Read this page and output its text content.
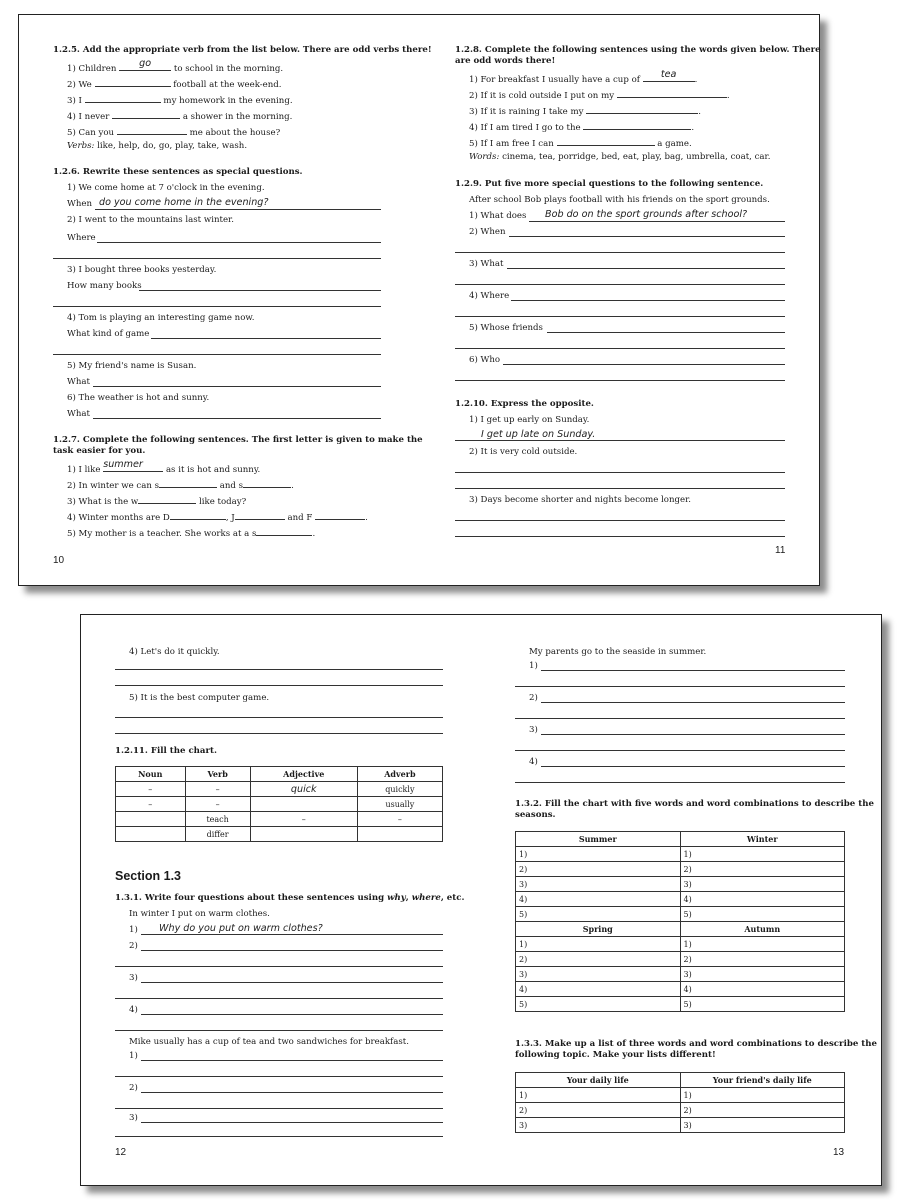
1.2.5. Add the appropriate verb from the list below. There are odd verbs there!
1) Children	go	to school in the morning.
2) We	football at the week-end.
3) I	my homework in the evening.
4) I never	a shower in the morning.
5) Can you	me about the house?
Verbs: like, help, do, go, play, take, wash.
1.2.6. Rewrite these sentences as special questions.
1) We come home at 7 o'clock in the evening.
When do you come home in the evening?
2) I went to the mountains last winter.
Where
3) I bought three books yesterday.
How many books
4) Tom is playing an interesting game now.
What kind of game
5) My friend's name is Susan.
What
6) The weather is hot and sunny.
What
1.2.7. Complete the following sentences. The first letter is given to make the
task easier for you.
1) I like summer	as it is hot and sunny.
2) In winter we can s	and s	.
3) What is the w	like today?
4) Winter months are D	, J	and F	.
5) My mother is a teacher. She works at a s	.
10
1.2.8. Complete the following sentences using the words given below. There
are odd words there!
1) For breakfast I usually have a cup of	tea	.
2) If it is cold outside I put on my	.
3) If it is raining I take my	.
4) If I am tired I go to the	.
5) If I am free I can	a game.
Words: cinema, tea, porridge, bed, eat, play, bag, umbrella, coat, car.
1.2.9. Put five more special questions to the following sentence.
After school Bob plays football with his friends on the sport grounds.
1) What does Bob do on the sport grounds after school?
2) When
3) What
4) Where
5) Whose friends
6) Who
1.2.10. Express the opposite.
1) I get up early on Sunday.
I get up late on Sunday.
2) It is very cold outside.
3) Days become shorter and nights become longer.
11
4) Let's do it quickly.
5) It is the best computer game.
1.2.11. Fill the chart.
Noun	Verb	Adjective	Adverb
–	–	quick	quickly
–	–		usually
	teach	–	–
	differ		
Section 1.3
1.3.1. Write four questions about these sentences using why, where, etc.
In winter I put on warm clothes.
1) Why do you put on warm clothes?
2)
3)
4)
Mike usually has a cup of tea and two sandwiches for breakfast.
1)
2)
3)
12
My parents go to the seaside in summer.
1)
2)
3)
4)
1.3.2. Fill the chart with five words and word combinations to describe the
seasons.
Summer	Winter
1)	1)
2)	2)
3)	3)
4)	4)
5)	5)
Spring	Autumn
1)	1)
2)	2)
3)	3)
4)	4)
5)	5)
1.3.3. Make up a list of three words and word combinations to describe the
following topic. Make your lists different!
Your daily life	Your friend's daily life
1)	1)
2)	2)
3)	3)
13
